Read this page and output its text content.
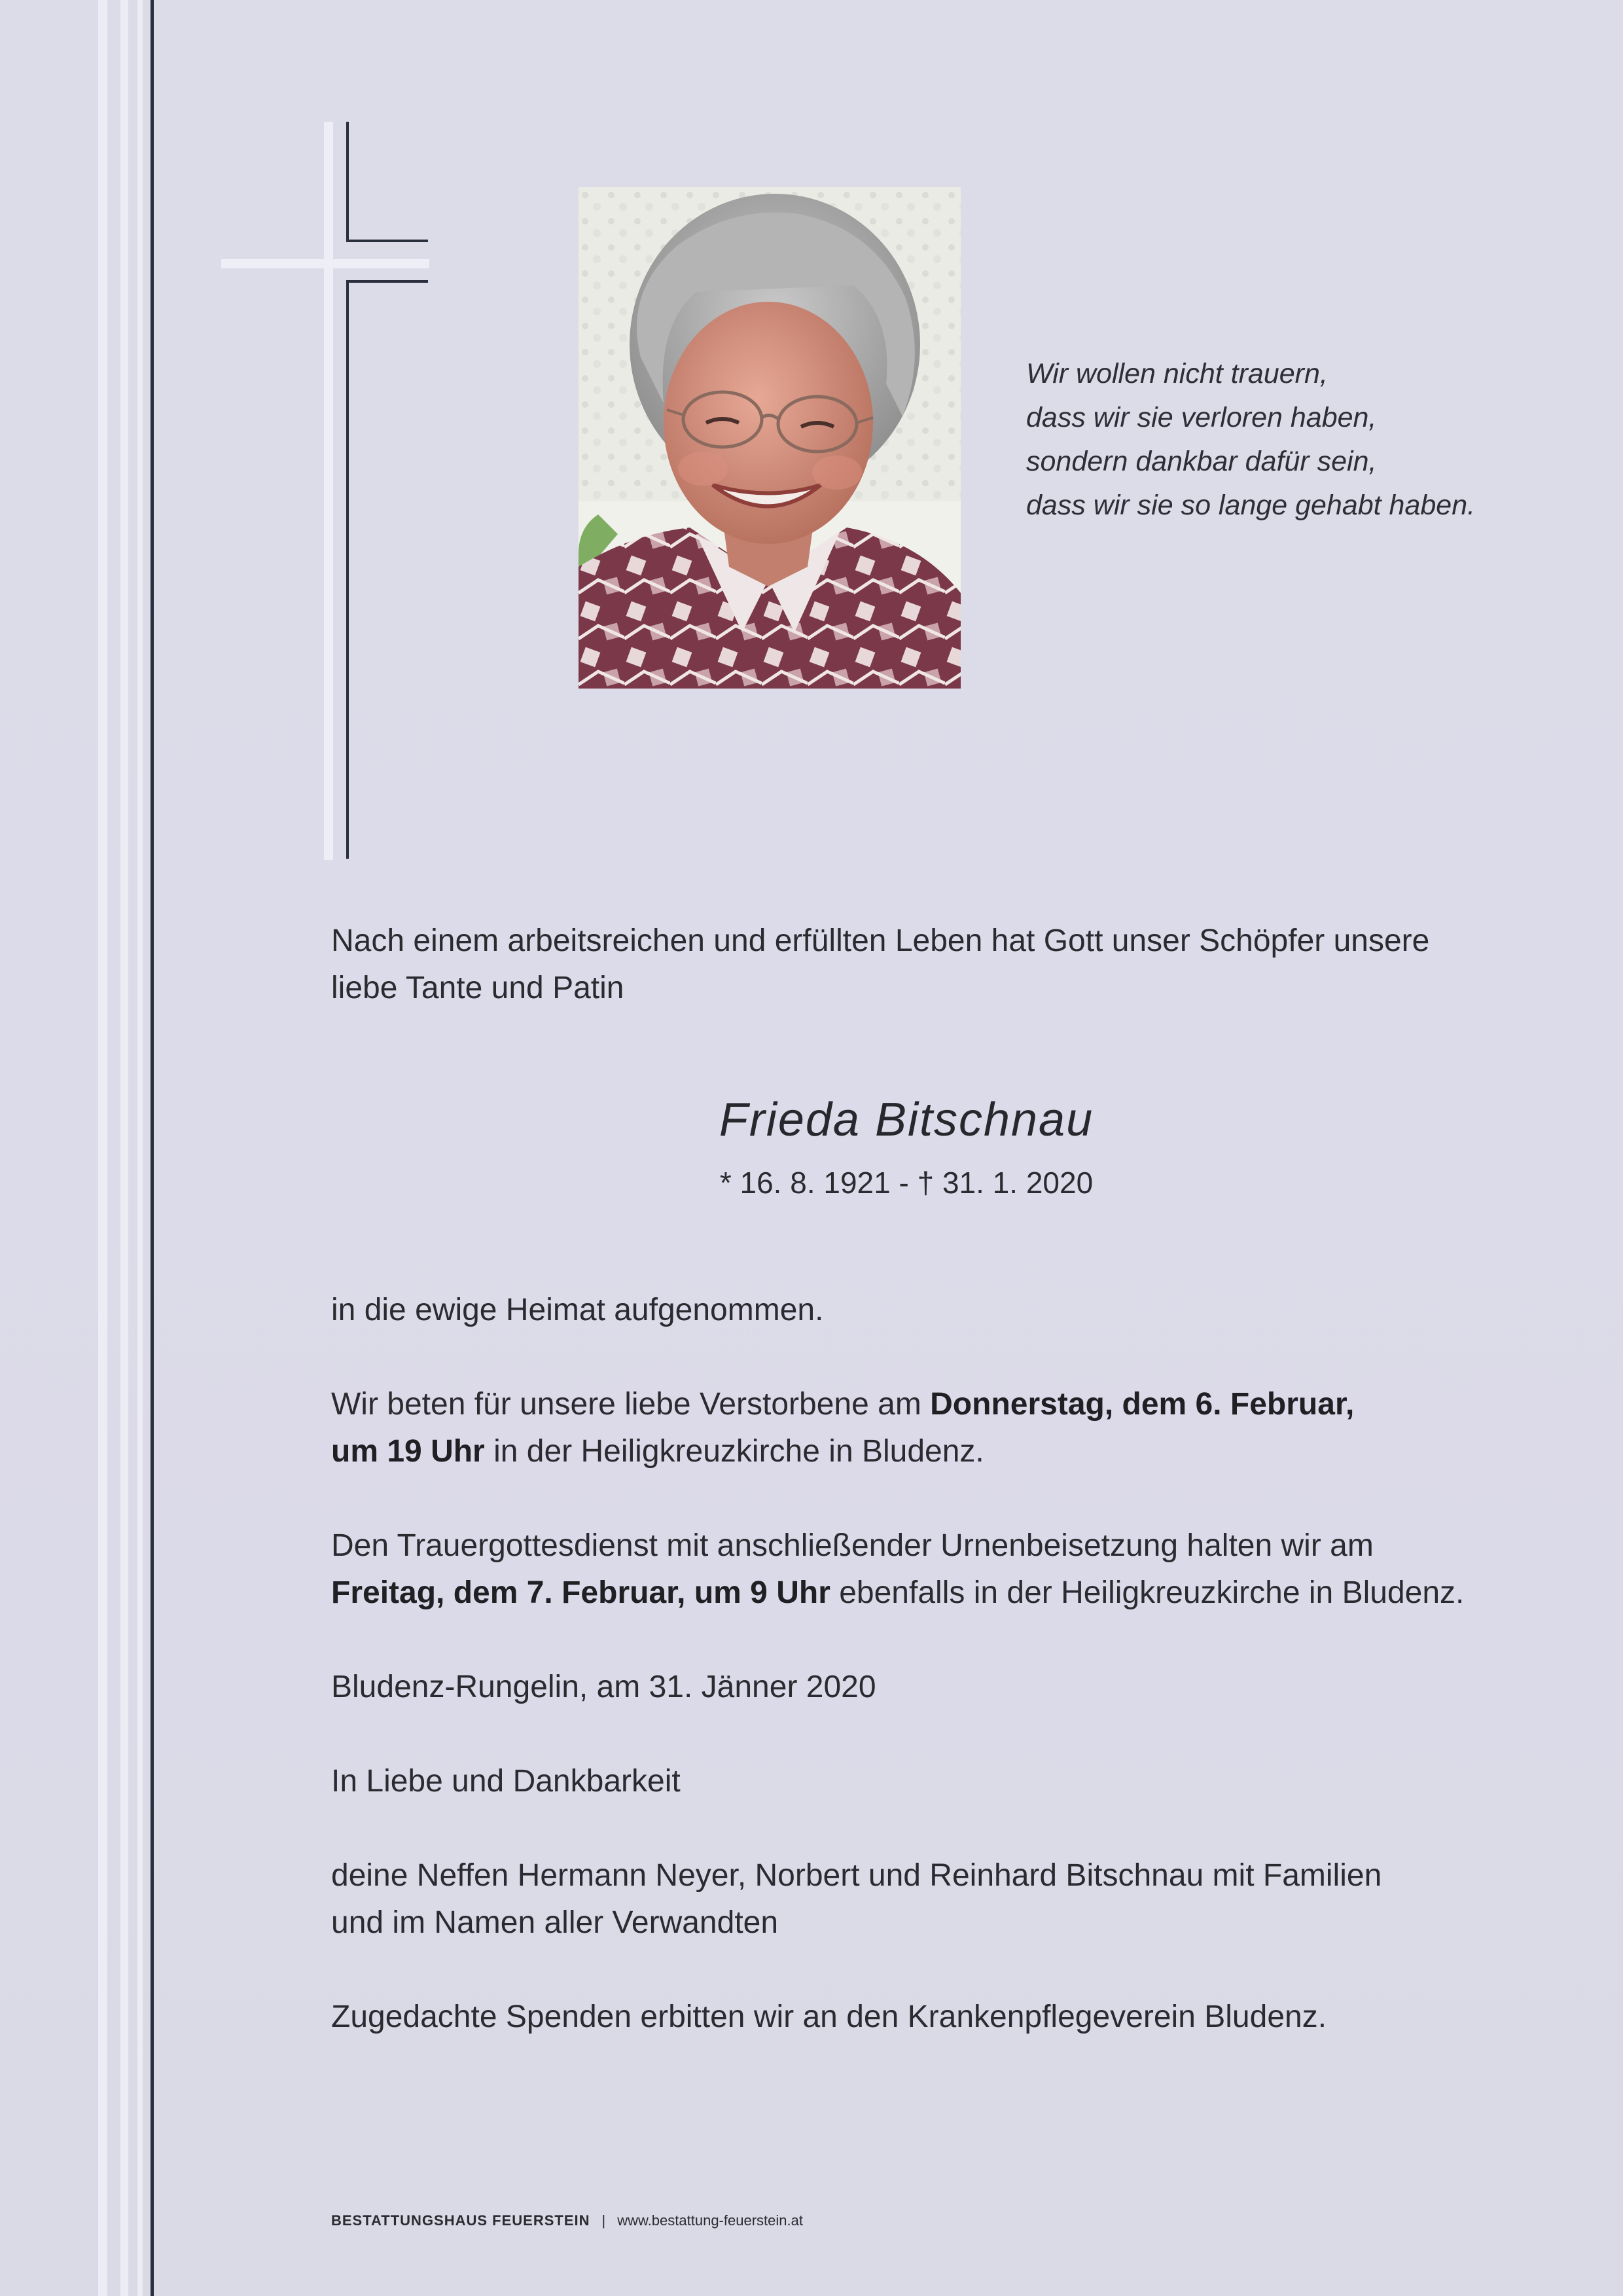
Wir wollen nicht trauern,
dass wir sie verloren haben,
sondern dankbar dafür sein,
dass wir sie so lange gehabt haben.
Nach einem arbeitsreichen und erfüllten Leben hat Gott unser Schöpfer unsere
liebe Tante und Patin
Frieda Bitschnau
* 16. 8. 1921 - † 31. 1. 2020
in die ewige Heimat aufgenommen.
Wir beten für unsere liebe Verstorbene am Donnerstag, dem 6. Februar,
um 19 Uhr in der Heiligkreuzkirche in Bludenz.
Den Trauergottesdienst mit anschließender Urnenbeisetzung halten wir am
Freitag, dem 7. Februar, um 9 Uhr ebenfalls in der Heiligkreuzkirche in Bludenz.
Bludenz-Rungelin, am 31. Jänner 2020
In Liebe und Dankbarkeit
deine Neffen Hermann Neyer, Norbert und Reinhard Bitschnau mit Familien
und im Namen aller Verwandten
Zugedachte Spenden erbitten wir an den Krankenpflegeverein Bludenz.
BESTATTUNGSHAUS FEUERSTEIN | www.bestattung-feuerstein.at
